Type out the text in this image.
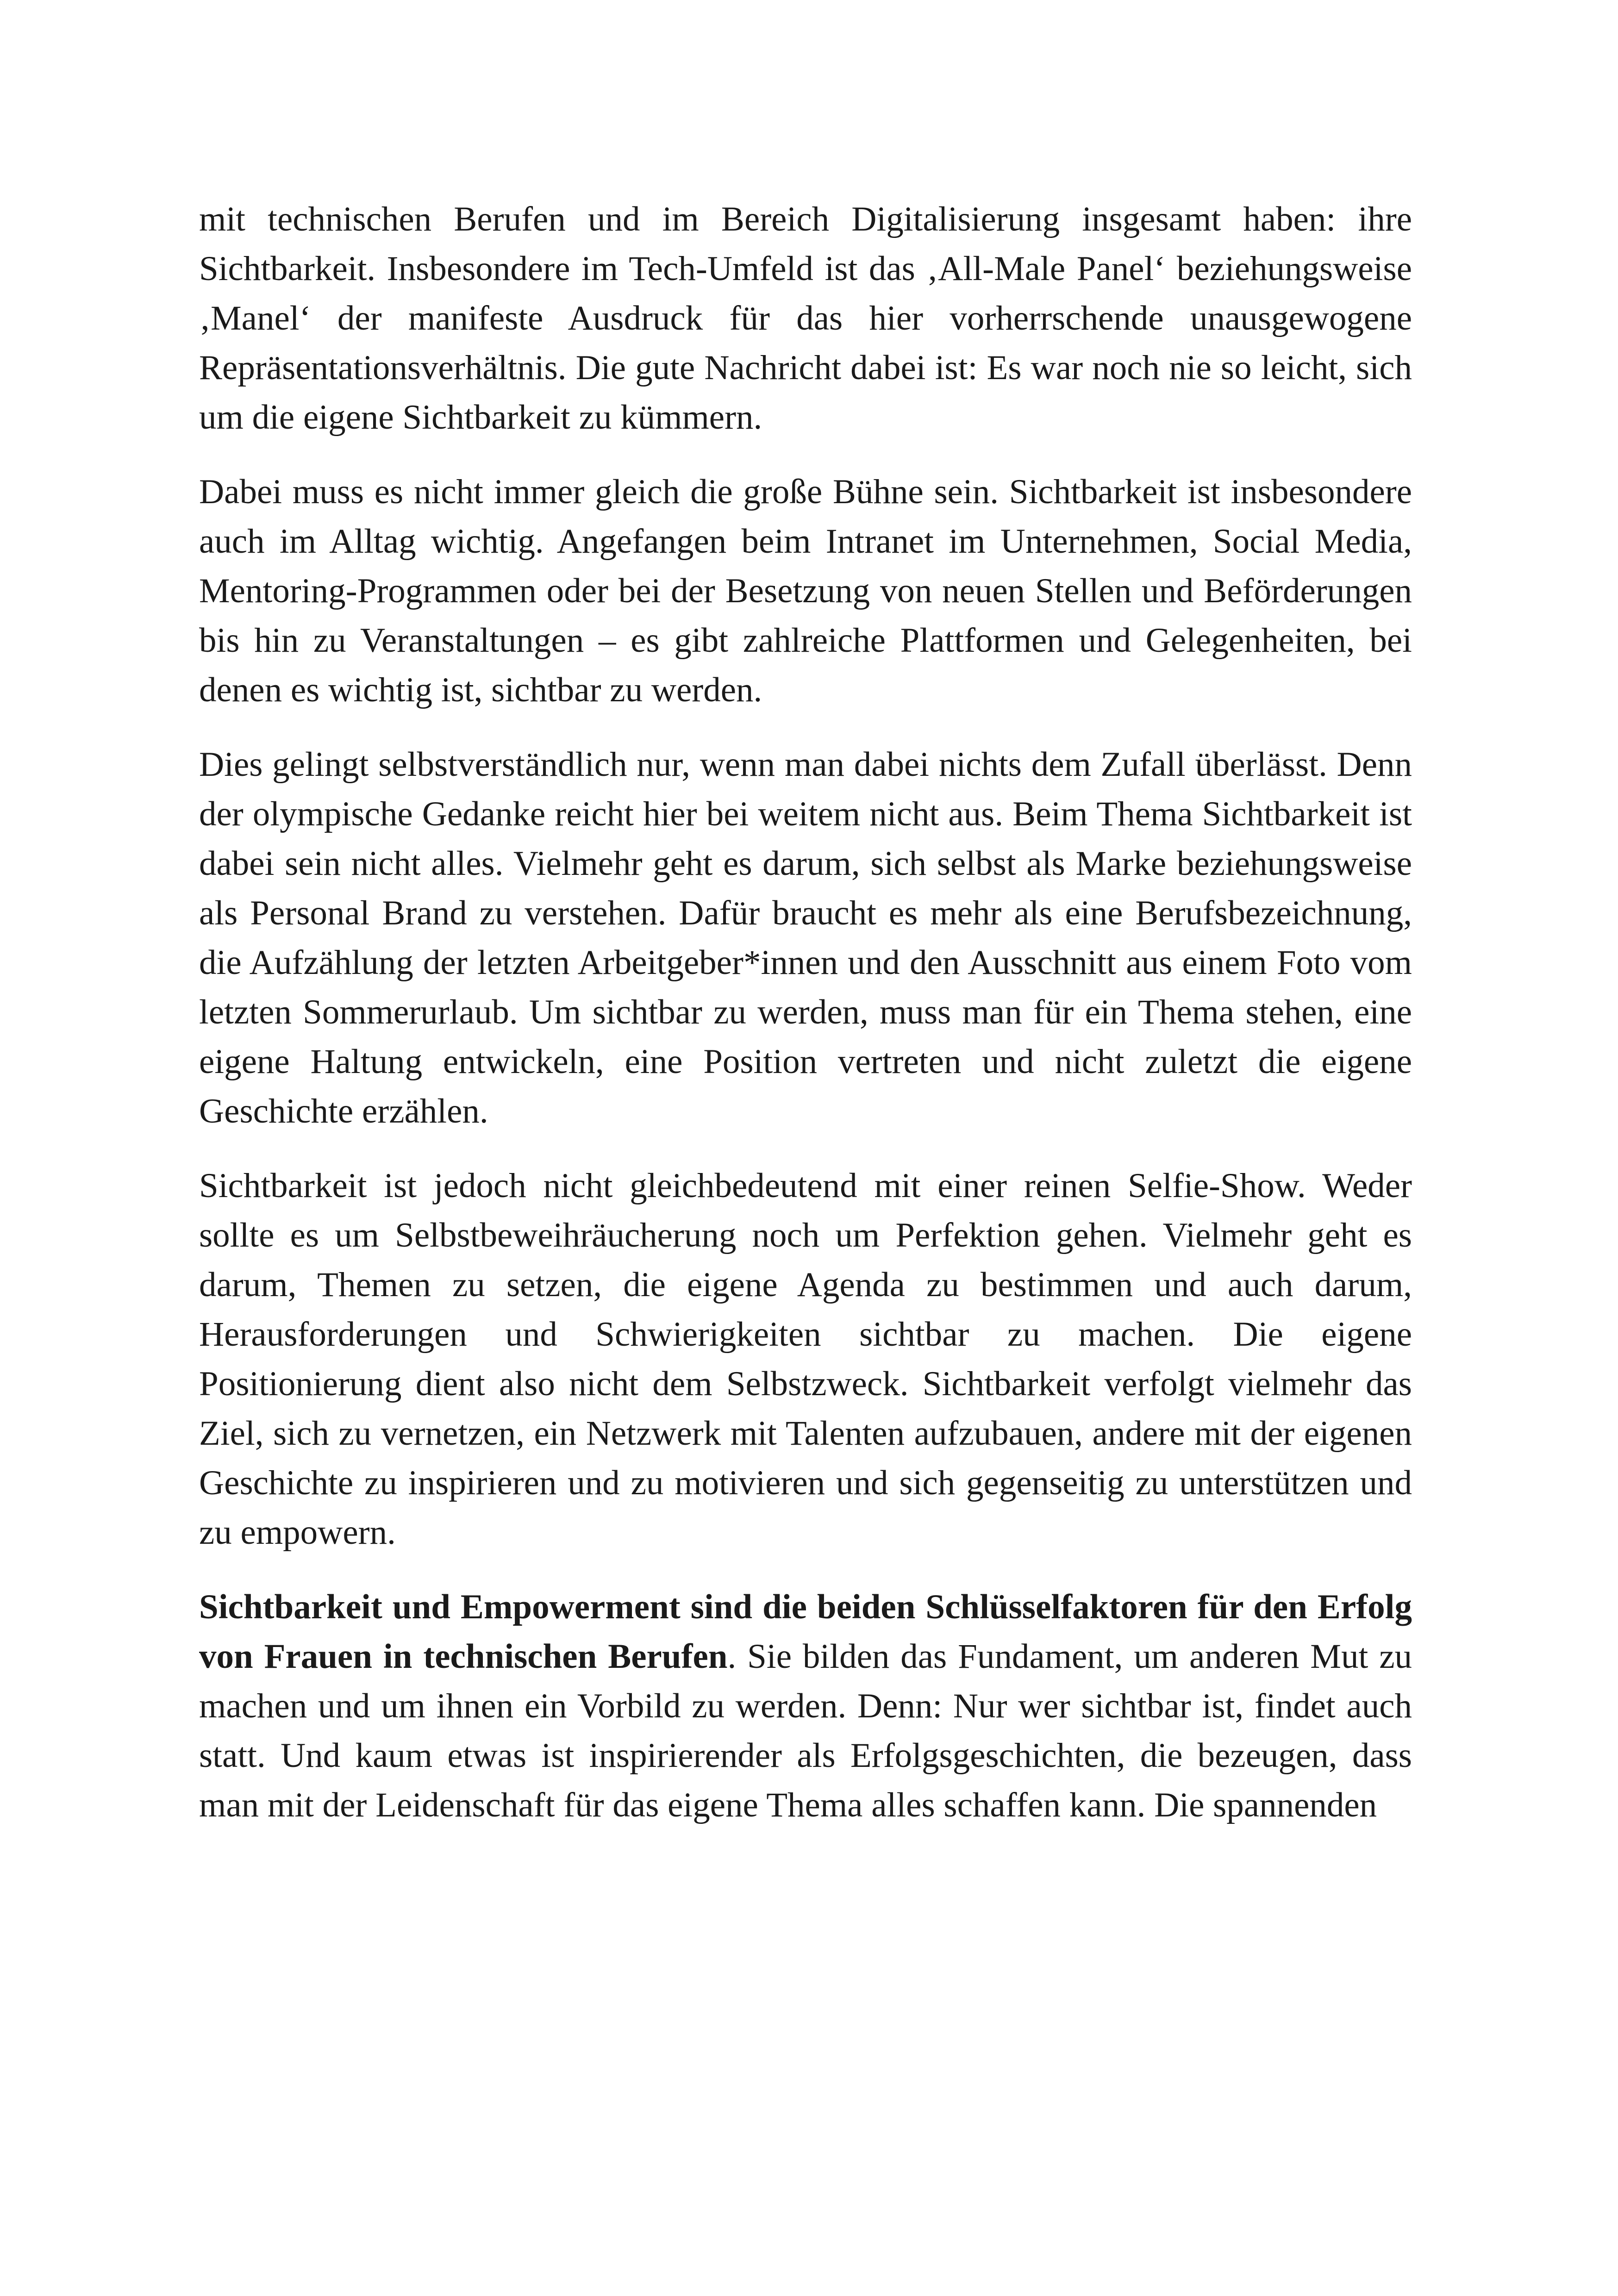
mit technischen Berufen und im Bereich Digitalisierung insgesamt haben: ihre Sichtbarkeit. Insbesondere im Tech-Umfeld ist das ‚All-Male Panel‘ beziehungsweise ‚Manel‘ der manifeste Ausdruck für das hier vorherrschende unausgewogene Repräsentationsverhältnis. Die gute Nachricht dabei ist: Es war noch nie so leicht, sich um die eigene Sichtbarkeit zu kümmern.

Dabei muss es nicht immer gleich die große Bühne sein. Sichtbarkeit ist insbesondere auch im Alltag wichtig. Angefangen beim Intranet im Unternehmen, Social Media, Mentoring-Programmen oder bei der Besetzung von neuen Stellen und Beförderungen bis hin zu Veranstaltungen – es gibt zahlreiche Plattformen und Gelegenheiten, bei denen es wichtig ist, sichtbar zu werden.

Dies gelingt selbstverständlich nur, wenn man dabei nichts dem Zufall überlässt. Denn der olympische Gedanke reicht hier bei weitem nicht aus. Beim Thema Sichtbarkeit ist dabei sein nicht alles. Vielmehr geht es darum, sich selbst als Marke beziehungsweise als Personal Brand zu verstehen. Dafür braucht es mehr als eine Berufsbezeichnung, die Aufzählung der letzten Arbeitgeber*innen und den Ausschnitt aus einem Foto vom letzten Sommerurlaub. Um sichtbar zu werden, muss man für ein Thema stehen, eine eigene Haltung entwickeln, eine Position vertreten und nicht zuletzt die eigene Geschichte erzählen.

Sichtbarkeit ist jedoch nicht gleichbedeutend mit einer reinen Selfie-Show. Weder sollte es um Selbstbeweihräucherung noch um Perfektion gehen. Vielmehr geht es darum, Themen zu setzen, die eigene Agenda zu bestimmen und auch darum, Herausforderungen und Schwierigkeiten sichtbar zu machen. Die eigene Positionierung dient also nicht dem Selbstzweck. Sichtbarkeit verfolgt vielmehr das Ziel, sich zu vernetzen, ein Netzwerk mit Talenten aufzubauen, andere mit der eigenen Geschichte zu inspirieren und zu motivieren und sich gegenseitig zu unterstützen und zu empowern.

Sichtbarkeit und Empowerment sind die beiden Schlüsselfaktoren für den Erfolg von Frauen in technischen Berufen. Sie bilden das Fundament, um anderen Mut zu machen und um ihnen ein Vorbild zu werden. Denn: Nur wer sichtbar ist, findet auch statt. Und kaum etwas ist inspirierender als Erfolgsgeschichten, die bezeugen, dass man mit der Leidenschaft für das eigene Thema alles schaffen kann. Die spannenden
